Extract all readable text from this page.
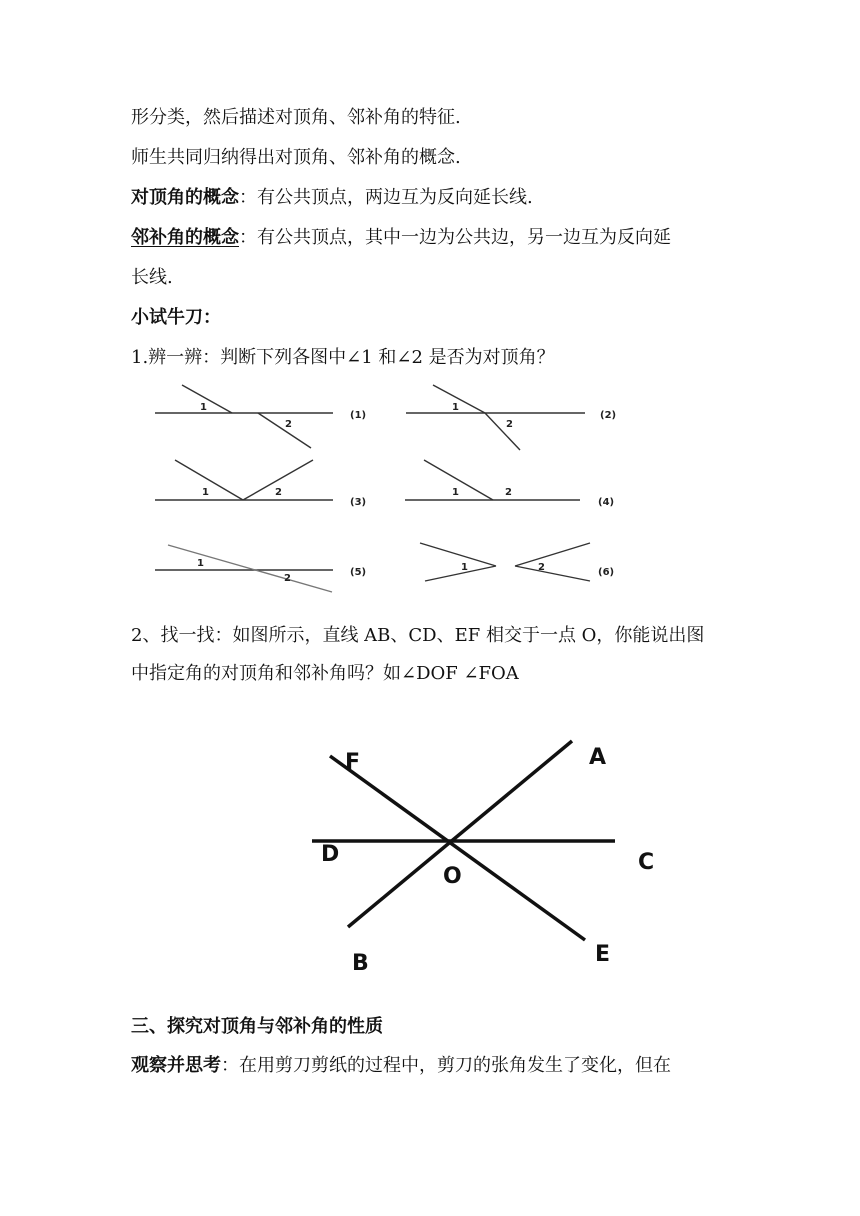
形分类，然后描述对顶角、邻补角的特征.
师生共同归纳得出对顶角、邻补角的概念.
对顶角的概念：有公共顶点，两边互为反向延长线.
邻补角的概念：有公共顶点，其中一边为公共边，另一边互为反向延
长线.
小试牛刀：
1.辨一辨：判断下列各图中∠1 和∠2 是否为对顶角？
1
2
1
2
1	2	1	2
1
2
1	2
(1)	(2)
(3)	(4)
(5)	(6)
2、找一找：如图所示，直线 AB、CD、EF 相交于一点 O，你能说出图
中指定角的对顶角和邻补角吗？如∠DOF ∠FOA
F	A
D	C
O
B	E
三、探究对顶角与邻补角的性质
观察并思考：在用剪刀剪纸的过程中，剪刀的张角发生了变化，但在
